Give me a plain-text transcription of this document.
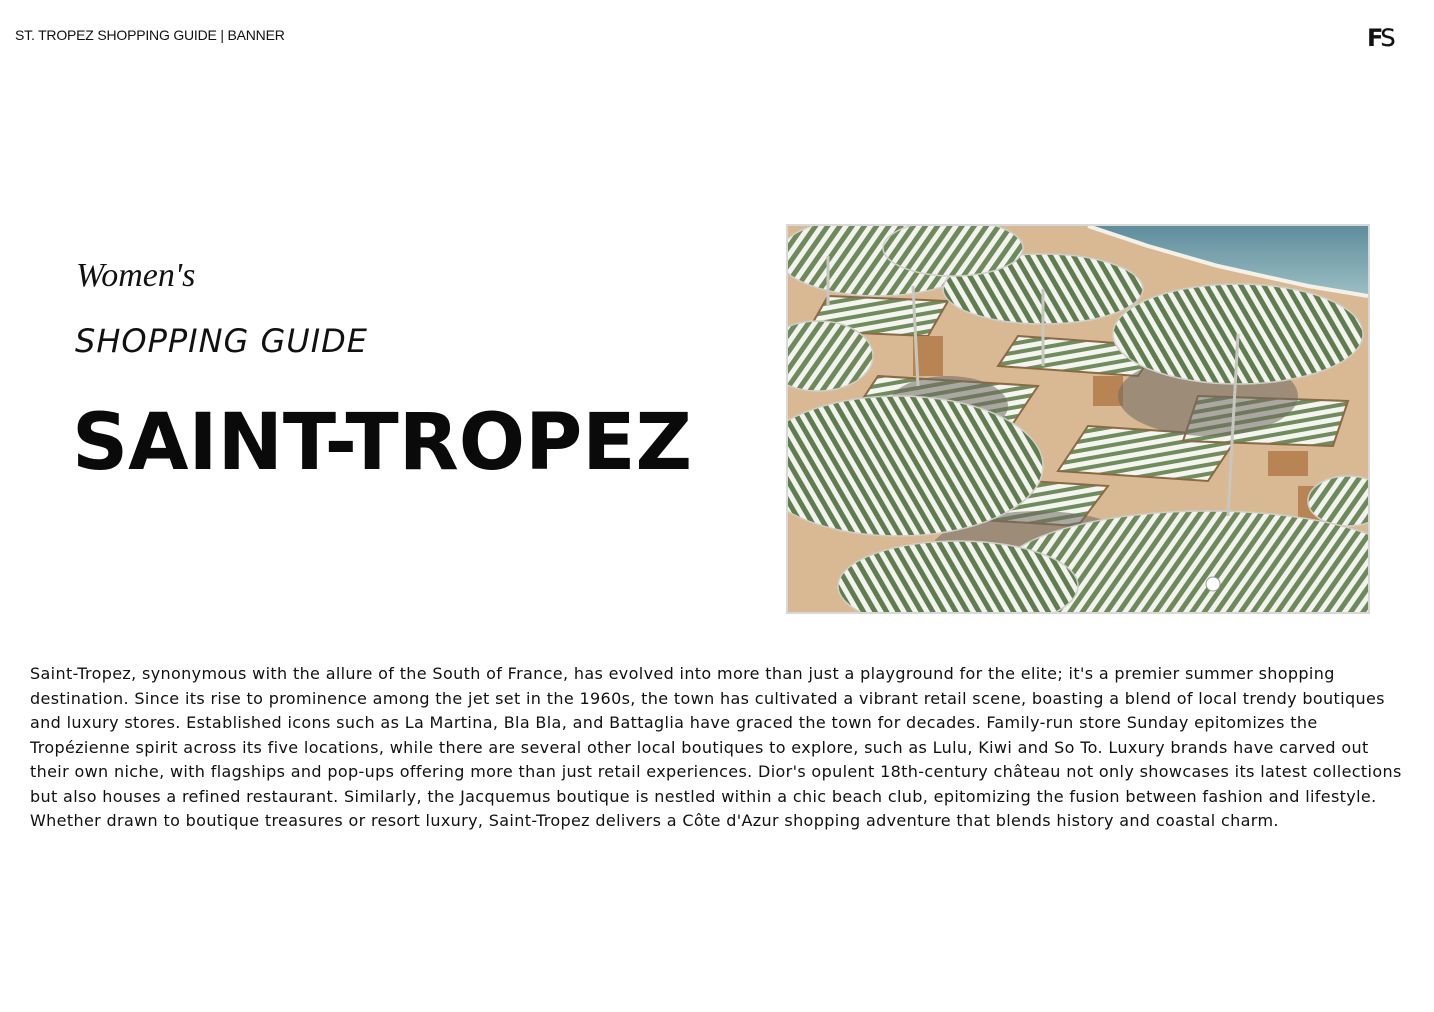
ST. TROPEZ SHOPPING GUIDE | BANNER	F S
Women's
SHOPPING GUIDE
SAINT-TROPEZ
Saint-Tropez, synonymous with the allure of the South of France, has evolved into more than just a playground for the elite; it's a premier summer shopping destination. Since its rise to prominence among the jet set in the 1960s, the town has cultivated a vibrant retail scene, boasting a blend of local trendy boutiques and luxury stores. Established icons such as La Martina, Bla Bla, and Battaglia have graced the town for decades. Family-run store Sunday epitomizes the Tropézienne spirit across its five locations, while there are several other local boutiques to explore, such as Lulu, Kiwi and So To. Luxury brands have carved out their own niche, with flagships and pop-ups offering more than just retail experiences. Dior's opulent 18th-century château not only showcases its latest collections but also houses a refined restaurant. Similarly, the Jacquemus boutique is nestled within a chic beach club, epitomizing the fusion between fashion and lifestyle. Whether drawn to boutique treasures or resort luxury, Saint-Tropez delivers a Côte d'Azur shopping adventure that blends history and coastal charm.
